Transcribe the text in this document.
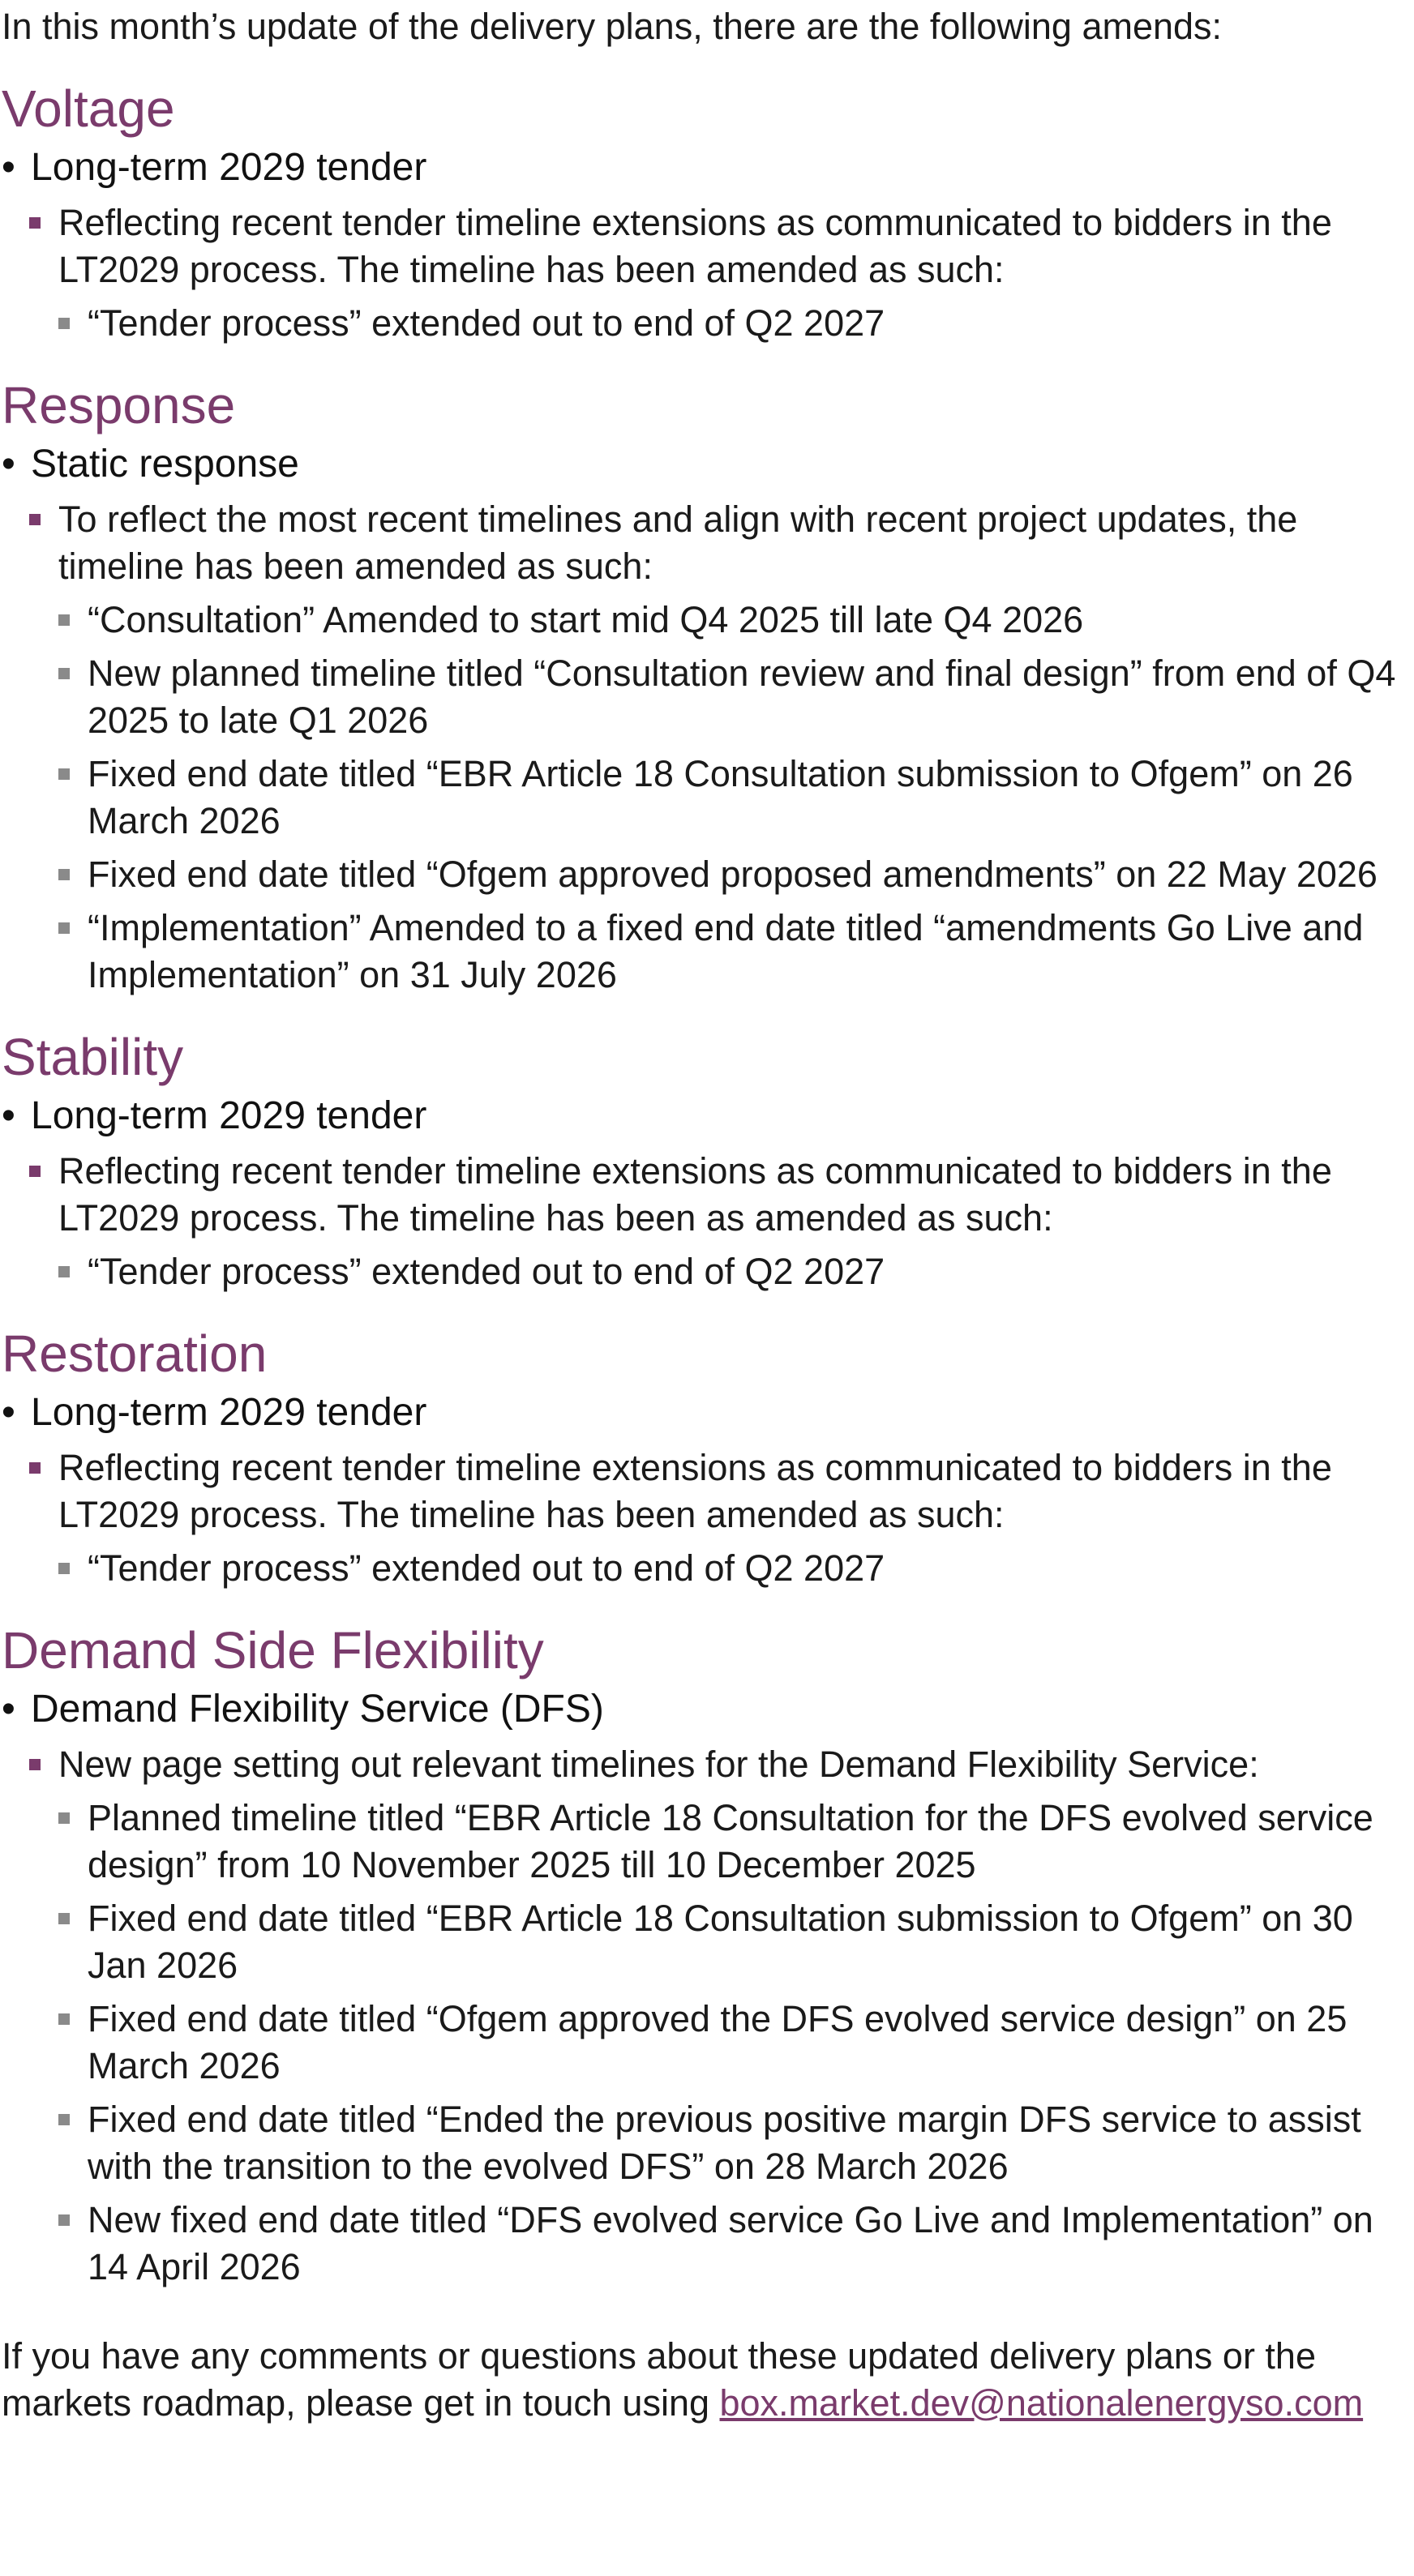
In this month’s update of the delivery plans, there are the following amends:
Voltage
• Long-term 2029 tender
Reflecting recent tender timeline extensions as communicated to bidders in the LT2029 process. The timeline has been amended as such:
“Tender process” extended out to end of Q2 2027
Response
• Static response
To reflect the most recent timelines and align with recent project updates, the timeline has been amended as such:
“Consultation” Amended to start mid Q4 2025 till late Q4 2026
New planned timeline titled “Consultation review and final design” from end of Q4 2025 to late Q1 2026
Fixed end date titled “EBR Article 18 Consultation submission to Ofgem” on 26 March 2026
Fixed end date titled “Ofgem approved proposed amendments” on 22 May 2026
“Implementation” Amended to a fixed end date titled “amendments Go Live and Implementation” on 31 July 2026
Stability
• Long-term 2029 tender
Reflecting recent tender timeline extensions as communicated to bidders in the LT2029 process. The timeline has been as amended as such:
“Tender process” extended out to end of Q2 2027
Restoration
• Long-term 2029 tender
Reflecting recent tender timeline extensions as communicated to bidders in the LT2029 process. The timeline has been amended as such:
“Tender process” extended out to end of Q2 2027
Demand Side Flexibility
• Demand Flexibility Service (DFS)
New page setting out relevant timelines for the Demand Flexibility Service:
Planned timeline titled “EBR Article 18 Consultation for the DFS evolved service design” from 10 November 2025 till 10 December 2025
Fixed end date titled “EBR Article 18 Consultation submission to Ofgem” on 30 Jan 2026
Fixed end date titled “Ofgem approved the DFS evolved service design” on 25 March 2026
Fixed end date titled “Ended the previous positive margin DFS service to assist with the transition to the evolved DFS” on 28 March 2026
New fixed end date titled “DFS evolved service Go Live and Implementation” on 14 April 2026
If you have any comments or questions about these updated delivery plans or the markets roadmap, please get in touch using box.market.dev@nationalenergyso.com
